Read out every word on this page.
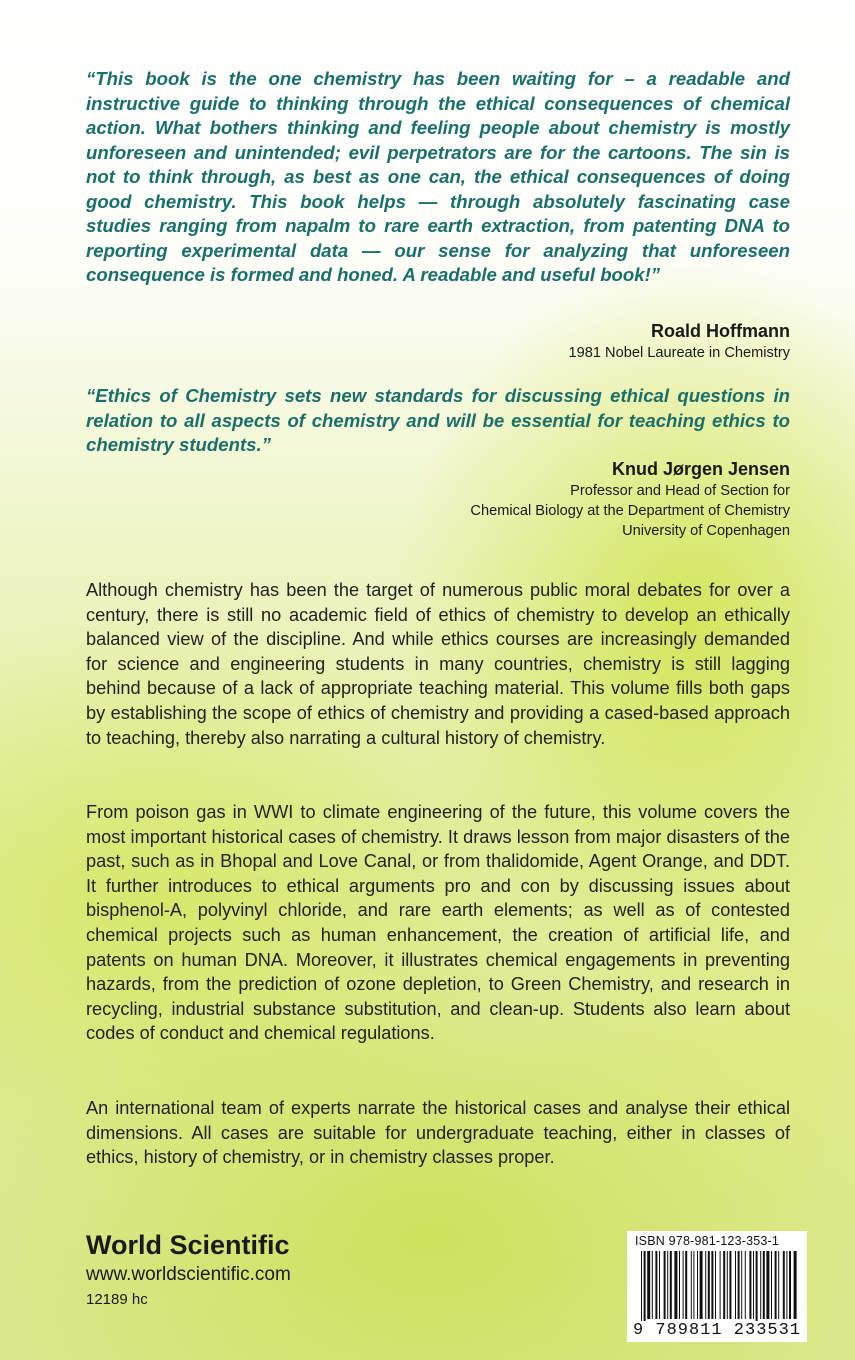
“This book is the one chemistry has been waiting for – a readable and instructive guide to thinking through the ethical consequences of chemical action. What bothers thinking and feeling people about chemistry is mostly unforeseen and unintended; evil perpetrators are for the cartoons. The sin is not to think through, as best as one can, the ethical consequences of doing good chemistry. This book helps — through absolutely fascinating case studies ranging from napalm to rare earth extraction, from patenting DNA to reporting experimental data — our sense for analyzing that unforeseen consequence is formed and honed. A readable and useful book!”

Roald Hoffmann
1981 Nobel Laureate in Chemistry

“Ethics of Chemistry sets new standards for discussing ethical questions in relation to all aspects of chemistry and will be essential for teaching ethics to chemistry students.”

Knud Jørgen Jensen
Professor and Head of Section for
Chemical Biology at the Department of Chemistry
University of Copenhagen

Although chemistry has been the target of numerous public moral debates for over a century, there is still no academic field of ethics of chemistry to develop an ethically balanced view of the discipline. And while ethics courses are increasingly demanded for science and engineering students in many countries, chemistry is still lagging behind because of a lack of appropriate teaching material. This volume fills both gaps by establishing the scope of ethics of chemistry and providing a cased-based approach to teaching, thereby also narrating a cultural history of chemistry.

From poison gas in WWI to climate engineering of the future, this volume covers the most important historical cases of chemistry. It draws lesson from major disasters of the past, such as in Bhopal and Love Canal, or from thalidomide, Agent Orange, and DDT. It further introduces to ethical arguments pro and con by discussing issues about bisphenol-A, polyvinyl chloride, and rare earth elements; as well as of contested chemical projects such as human enhancement, the creation of artificial life, and patents on human DNA. Moreover, it illustrates chemical engagements in preventing hazards, from the prediction of ozone depletion, to Green Chemistry, and research in recycling, industrial substance substitution, and clean-up. Students also learn about codes of conduct and chemical regulations.

An international team of experts narrate the historical cases and analyse their ethical dimensions. All cases are suitable for undergraduate teaching, either in classes of ethics, history of chemistry, or in chemistry classes proper.

World Scientific
www.worldscientific.com
12189 hc
ISBN 978-981-123-353-1
9 789811 233531
